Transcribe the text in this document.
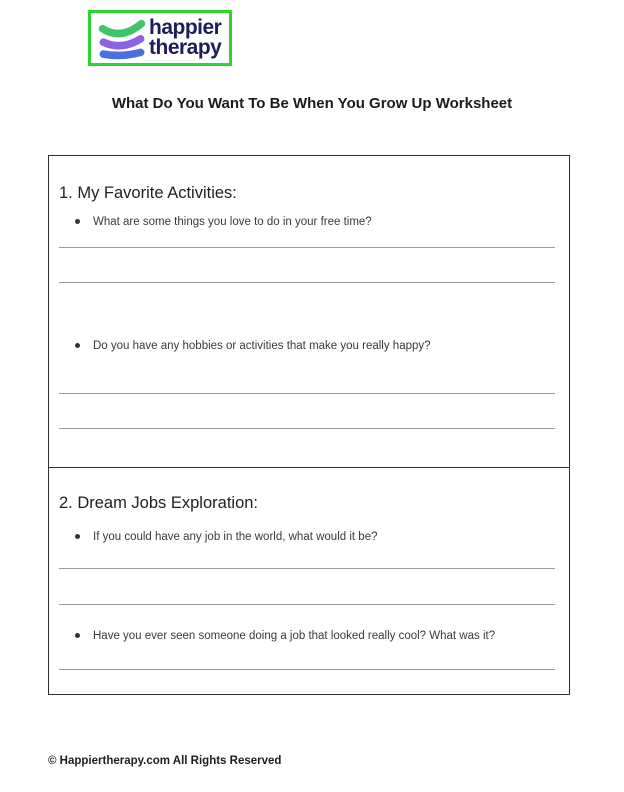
happier
therapy
What Do You Want To Be When You Grow Up Worksheet
1. My Favorite Activities:

What are some things you love to do in your free time?

Do you have any hobbies or activities that make you really happy?

2. Dream Jobs Exploration:

If you could have any job in the world, what would it be?

Have you ever seen someone doing a job that looked really cool? What was it?

© Happiertherapy.com All Rights Reserved
